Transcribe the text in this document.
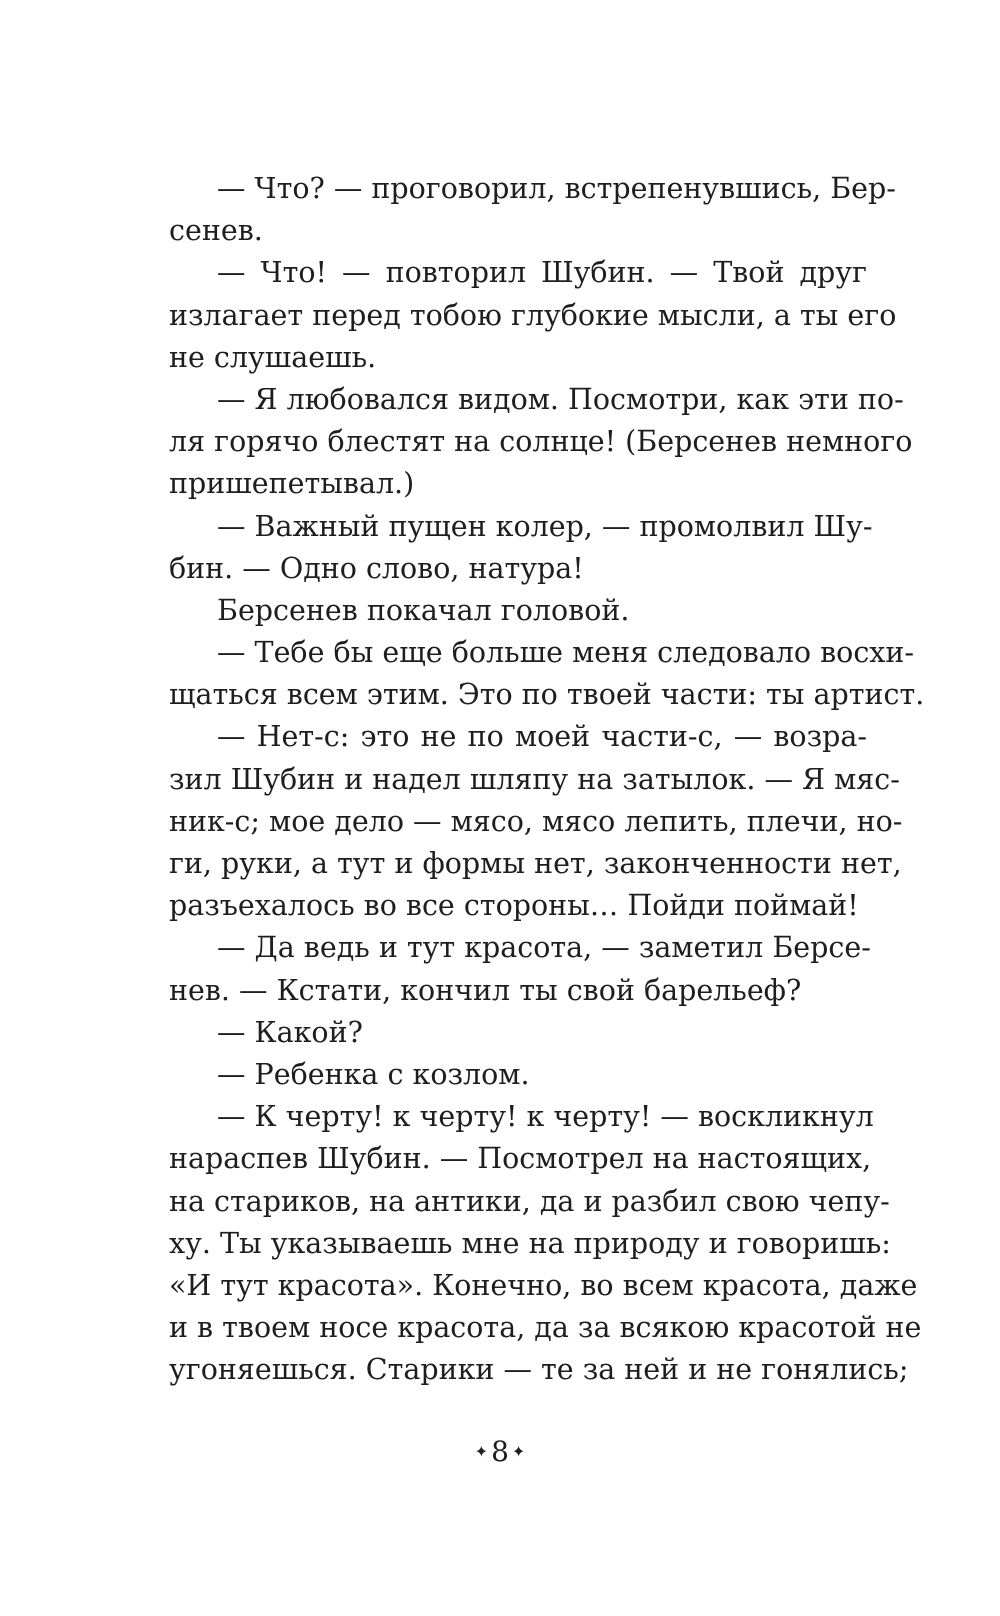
— Что? — проговорил, встрепенувшись, Бер-
сенев.
— Что! — повторил Шубин. — Твой друг
излагает перед тобою глубокие мысли, а ты его
не слушаешь.
— Я любовался видом. Посмотри, как эти по-
ля горячо блестят на солнце! (Берсенев немного
пришепетывал.)
— Важный пущен колер, — промолвил Шу-
бин. — Одно слово, натура!
Берсенев покачал головой.
— Тебе бы еще больше меня следовало восхи-
щаться всем этим. Это по твоей части: ты артист.
— Нет-с: это не по моей части-с, — возра-
зил Шубин и надел шляпу на затылок. — Я мяс-
ник-с; мое дело — мясо, мясо лепить, плечи, но-
ги, руки, а тут и формы нет, законченности нет,
разъехалось во все стороны… Пойди поймай!
— Да ведь и тут красота, — заметил Берсе-
нев. — Кстати, кончил ты свой барельеф?
— Какой?
— Ребенка с козлом.
— К черту! к черту! к черту! — воскликнул
нараспев Шубин. — Посмотрел на настоящих,
на стариков, на антики, да и разбил свою чепу-
ху. Ты указываешь мне на природу и говоришь:
«И тут красота». Конечно, во всем красота, даже
и в твоем носе красота, да за всякою красотой не
угоняешься. Старики — те за ней и не гонялись;
✦ 8 ✦
